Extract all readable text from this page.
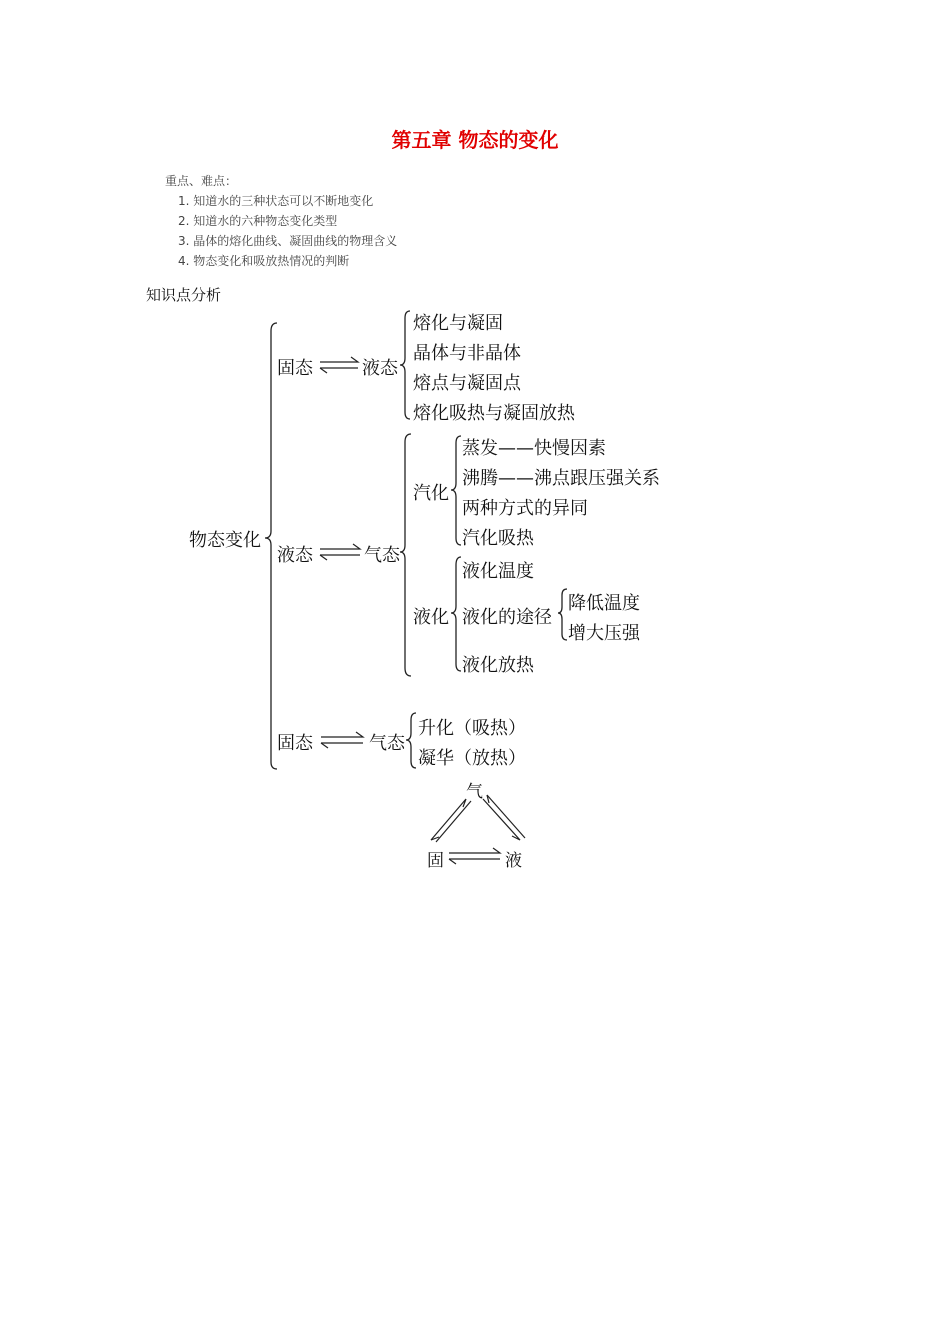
第五章 物态的变化
重点、难点：
1. 知道水的三种状态可以不断地变化
2. 知道水的六种物态变化类型
3. 晶体的熔化曲线、凝固曲线的物理含义
4. 物态变化和吸放热情况的判断
知识点分析
物态变化
固态	液态
熔化与凝固
晶体与非晶体
熔点与凝固点
熔化吸热与凝固放热
液态	气态
汽化
蒸发——快慢因素
沸腾——沸点跟压强关系
两种方式的异同
汽化吸热
液化
液化温度
液化的途径
降低温度
增大压强
液化放热
固态	气态
升化（吸热）
凝华（放热）
气
固	液
